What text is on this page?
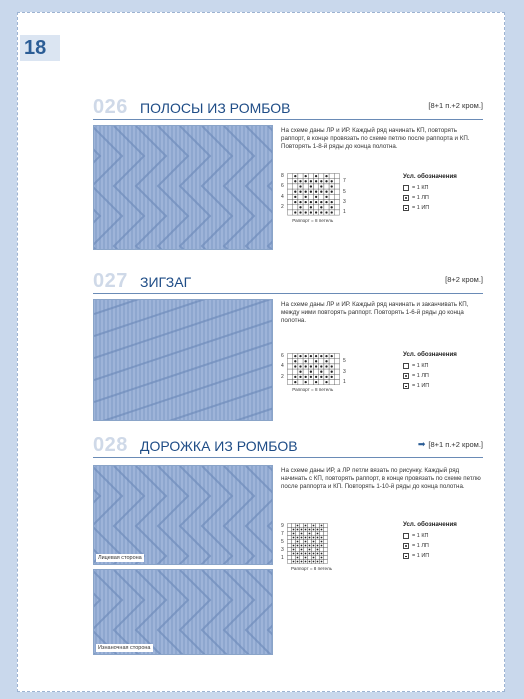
18
026 ПОЛОСЫ ИЗ РОМБОВ	[8+1 п.+2 кром.]
На схеме даны ЛР и ИР. Каждый ряд начинать КП, повторять раппорт, в конце провязать по схеме петлю после раппорта и КП. Повторять 1-8-й ряды до конца полотна.
8
6
4
2
7
5
3
1
Раппорт = 8 петель
Усл. обозначения
= 1 КП
= 1 ЛП
= 1 ИП
027 ЗИГЗАГ	[8+2 кром.]
На схеме даны ЛР и ИР. Каждый ряд начинать и заканчивать КП, между ними повторять раппорт. Повторять 1-6-й ряды до конца полотна.
6
4
2
5
3
1
Раппорт = 8 петель
Усл. обозначения
= 1 КП
= 1 ЛП
= 1 ИП
028 ДОРОЖКА ИЗ РОМБОВ	➡ [8+1 п.+2 кром.]
Лицевая сторона
Изнаночная сторона
На схеме даны ИР, а ЛР петли вязать по рисунку. Каждый ряд начинать с КП, повторять раппорт, в конце провязать по схеме петлю после раппорта и КП. Повторять 1-10-й ряды до конца полотна.
9
7
5
3
1
Раппорт = 8 петель
Усл. обозначения
= 1 КП
= 1 ЛП
= 1 ИП
